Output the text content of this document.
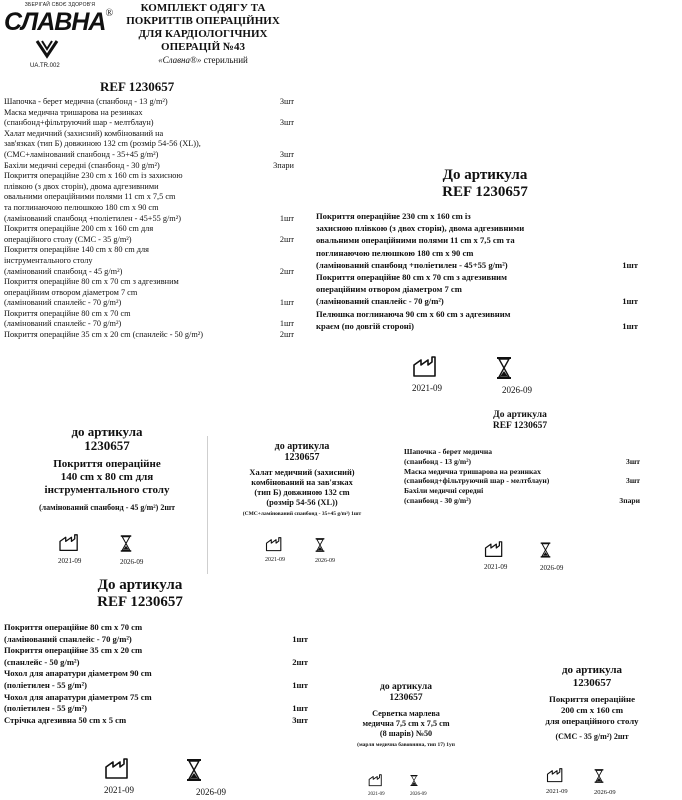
ЗБЕРІГАЙ СВОЄ ЗДОРОВ'Я
СЛАВНА®
UA.TR.002
КОМПЛЕКТ ОДЯГУ ТА
ПОКРИТТІВ ОПЕРАЦІЙНИХ
ДЛЯ КАРДІОЛОГІЧНИХ
ОПЕРАЦІЙ №43
«Славна®» стерильний
REF 1230657
Шапочка - берет медична (спанбонд - 13 g/m²)	3шт
Маска медична тришарова на резинках
(спанбонд+фільтруючий шар - мелтблаун)	3шт
Халат медичний (захисний) комбінований на
зав'язках (тип Б) довжиною 132 cm (розмір 54-56 (XL)),
(СМС+ламінований спанбонд - 35+45 g/m²)	3шт
Бахіли медичні середні (спанбонд - 30 g/m²)	3пари
Покриття операційне 230 cm х 160 cm із захисною
плівкою (з двох сторін), двома адгезивними
овальними операційними полями 11 cm х 7,5 cm
та поглинаючою пелюшкою 180 cm х 90 cm
(ламінований спанбонд +поліетилен - 45+55 g/m²)	1шт
Покриття операційне 200 cm х 160 cm для
операційного столу (СМС - 35 g/m²)	2шт
Покриття операційне 140 cm х 80 cm для
інструментального столу
(ламінований спанбонд - 45 g/m²)	2шт
Покриття операційне 80 cm х 70 cm з адгезивним
операційним отвором діаметром 7 cm
(ламінований спанлейс - 70 g/m²)	1шт
Покриття операційне 80 cm х 70 cm
(ламінований спанлейс - 70 g/m²)	1шт
Покриття операційне 35 cm х 20 cm (спанлейс - 50 g/m²)	2шт
До артикула
REF 1230657
Покриття операційне 230 cm х 160 cm із
захисною плівкою (з двох сторін), двома адгезивними
овальними операційними полями 11 cm х 7,5 cm та
поглинаючою пелюшкою 180 cm х 90 cm
(ламінований спанбонд +поліетилен - 45+55 g/m²)	1шт
Покриття операційне 80 cm х 70 cm з адгезивним
операційним отвором діаметром 7 cm
(ламінований спанлейс - 70 g/m²)	1шт
Пелюшка поглинаюча 90 cm х 60 cm з адгезивним
краєм (по довгій стороні)	1шт
2021-09	2026-09
до артикула
1230657
Покриття операційне
140 cm х 80 cm для
інструментального столу
(ламінований спанбонд - 45 g/m²) 2шт
2021-09	2026-09
до артикула
1230657
Халат медичний (захисний)
комбінований на зав'язках
(тип Б) довжиною 132 cm
(розмір 54-56 (XL))
(СМС+ламінований спанбонд - 35+45 g/m²) 1шт
2021-09	2026-09
До артикула
REF 1230657
Шапочка - берет медична
(спанбонд - 13 g/m²)	3шт
Маска медична тришарова на резинках
(спанбонд+фільтруючий шар - мелтблаун)	3шт
Бахіли медичні середні
(спанбонд - 30 g/m²)	3пари
2021-09	2026-09
До артикула
REF 1230657
Покриття операційне 80 cm х 70 cm
(ламінований спанлейс - 70 g/m²)	1шт
Покриття операційне 35 cm х 20 cm
(спанлейс - 50 g/m²)	2шт
Чохол для апаратури діаметром 90 cm
(поліетилен - 55 g/m²)	1шт
Чохол для апаратури діаметром 75 cm
(поліетилен - 55 g/m²)	1шт
Стрічка адгезивна 50 cm х 5 cm	3шт
2021-09	2026-09
до артикула
1230657
Серветка марлева
медична 7,5 cm х 7,5 cm
(8 шарів) №50
(марля медична бавовняна, тип 17) 1уп
2021-09	2026-09
до артикула
1230657
Покриття операційне
200 cm х 160 cm
для операційного столу
(СМС - 35 g/m²) 2шт
2021-09	2026-09
